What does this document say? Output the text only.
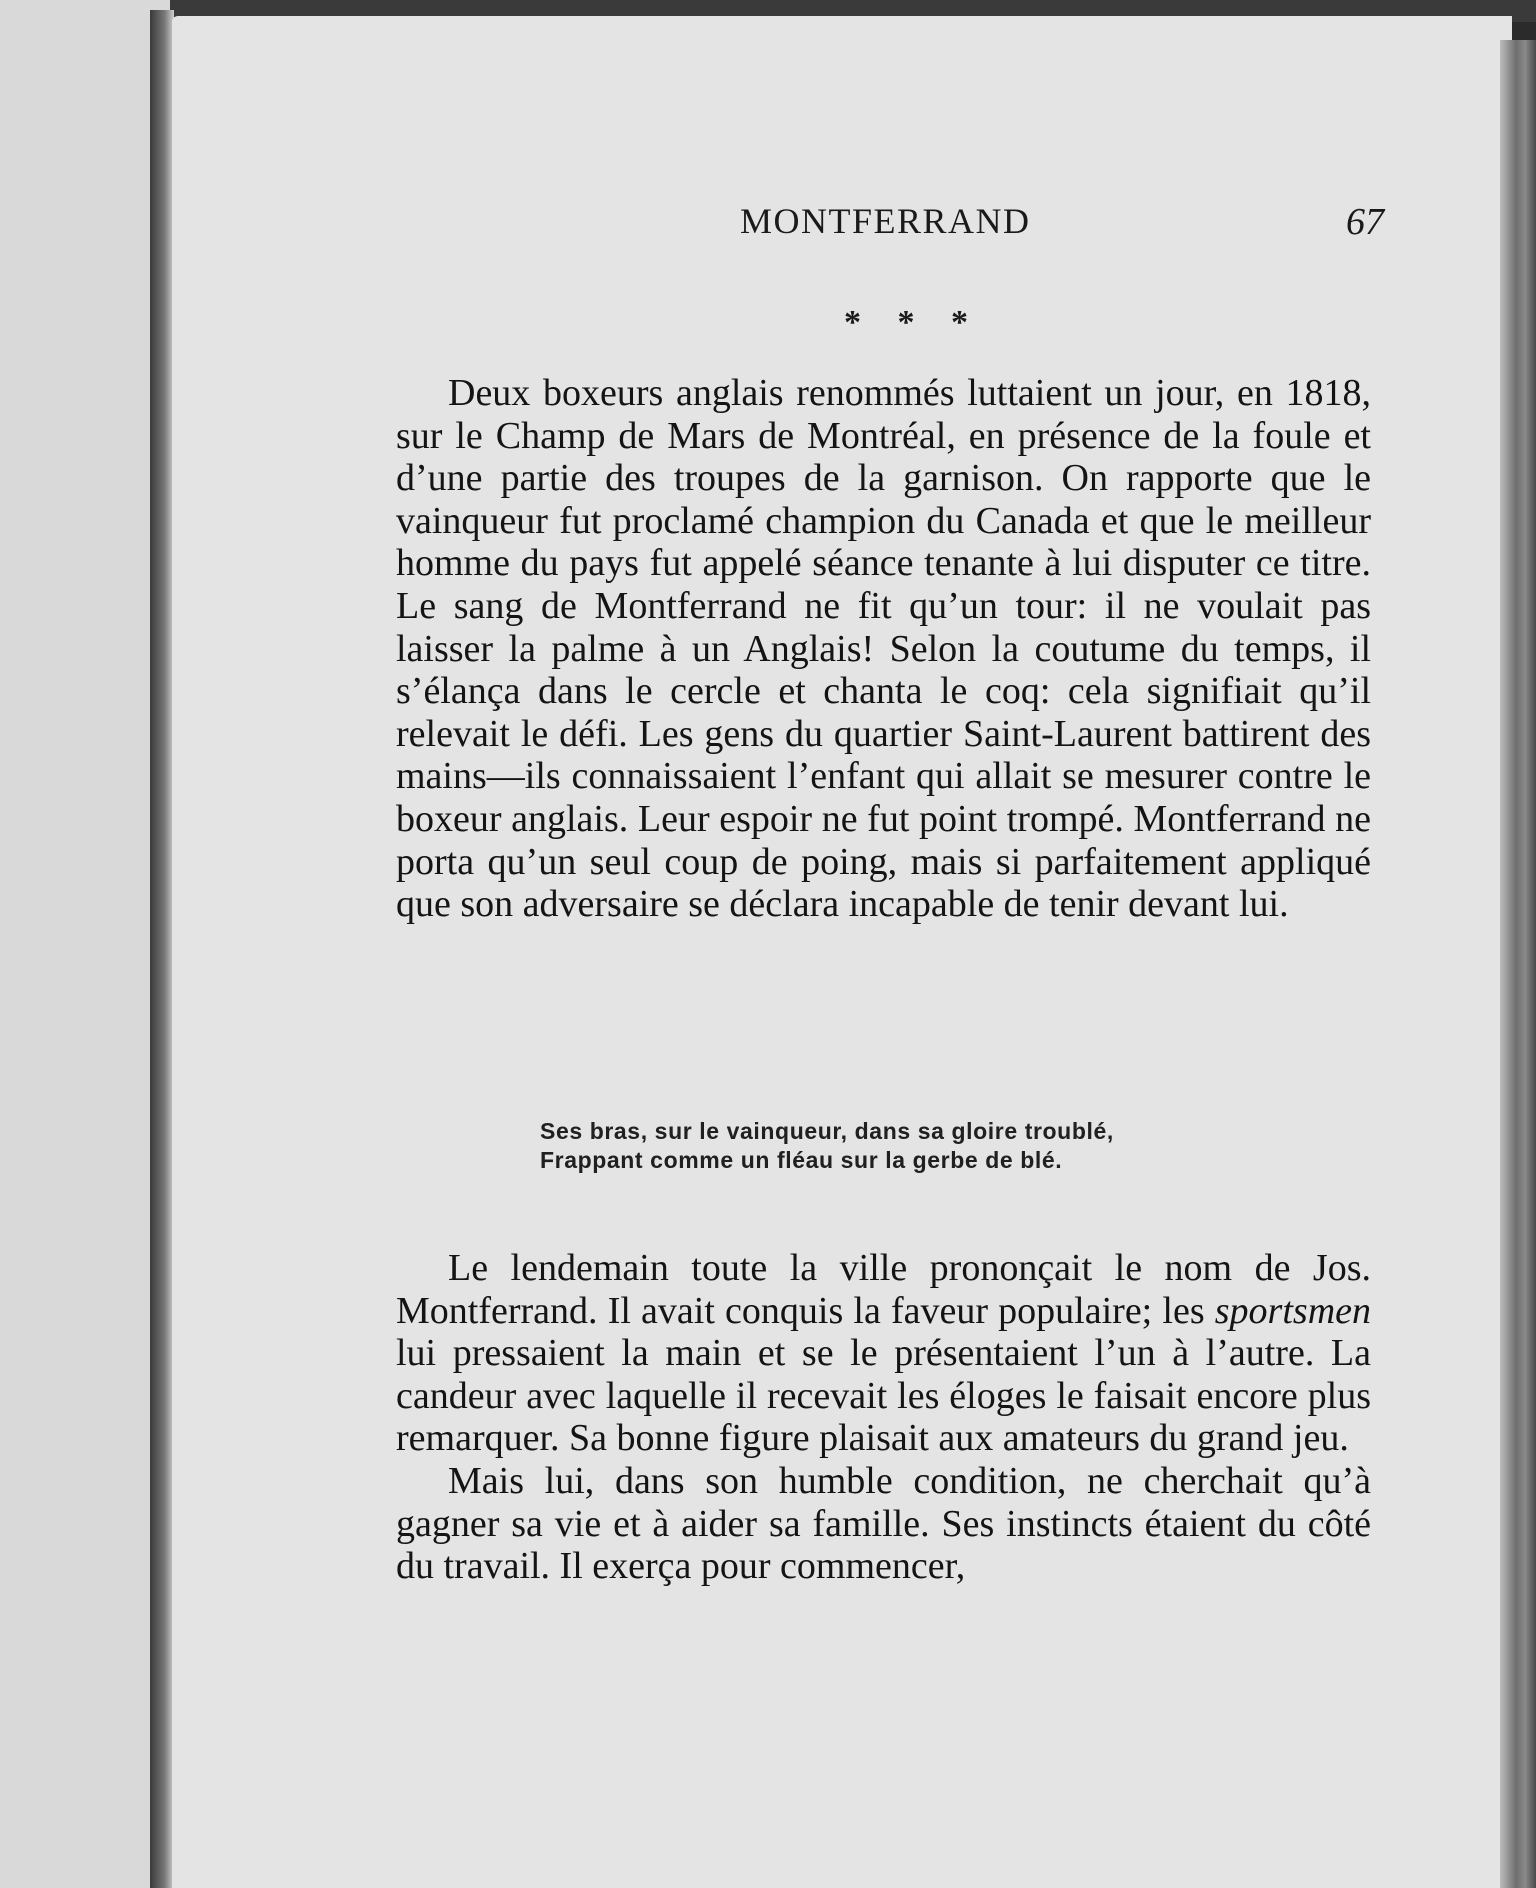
MONTFERRAND	67
* * *

Deux boxeurs anglais renommés luttaient un jour, en 1818, sur le Champ de Mars de Montréal, en présence de la foule et d’une partie des troupes de la garnison. On rapporte que le vainqueur fut proclamé champion du Canada et que le meilleur homme du pays fut appelé séance tenante à lui disputer ce titre. Le sang de Montferrand ne fit qu’un tour: il ne voulait pas laisser la palme à un Anglais! Selon la coutume du temps, il s’élança dans le cercle et chanta le coq: cela signifiait qu’il relevait le défi. Les gens du quartier Saint-Laurent battirent des mains—ils connaissaient l’enfant qui allait se mesurer contre le boxeur anglais. Leur espoir ne fut point trompé. Montferrand ne porta qu’un seul coup de poing, mais si parfaitement appliqué que son adversaire se déclara incapable de tenir devant lui.

Ses bras, sur le vainqueur, dans sa gloire troublé,
Frappant comme un fléau sur la gerbe de blé.

Le lendemain toute la ville prononçait le nom de Jos. Montferrand. Il avait conquis la faveur populaire; les sportsmen lui pressaient la main et se le présentaient l’un à l’autre. La candeur avec laquelle il recevait les éloges le faisait encore plus remarquer. Sa bonne figure plaisait aux amateurs du grand jeu.

Mais lui, dans son humble condition, ne cherchait qu’à gagner sa vie et à aider sa famille. Ses instincts étaient du côté du travail. Il exerça pour commencer,
